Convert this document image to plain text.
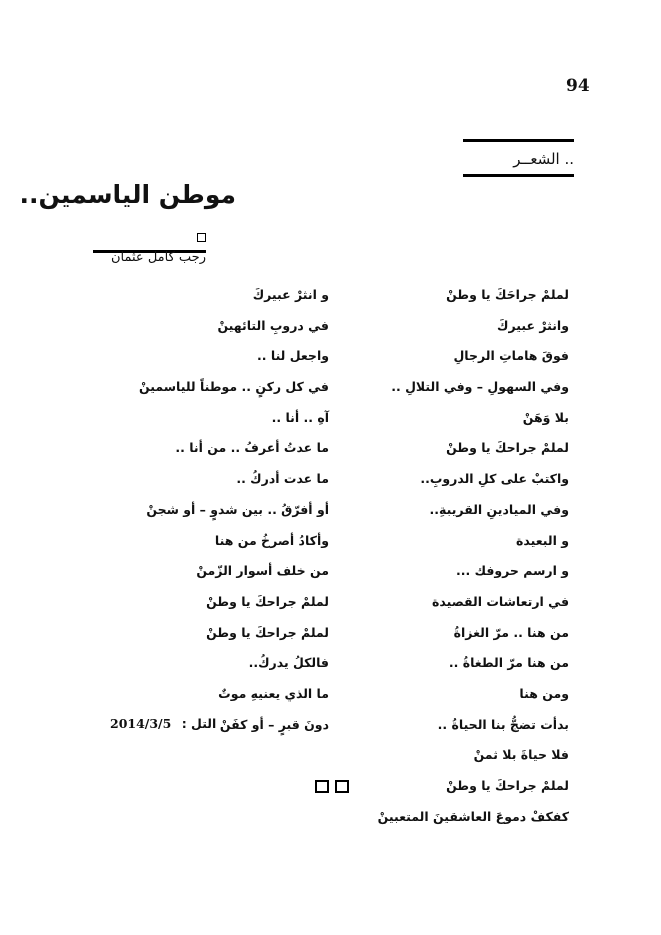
94
الشعــر ..
موطن الياسمين..
رجب كامل عثمان
لملمْ جراحَكَ يا وطنْ
وانثرْ عبيركَ
فوقَ هاماتِ الرجالِ
وفي السهولِ – وفي التلالِ ..
بلا وَهَنْ
لملمْ جراحكَ يا وطنْ
واكتبْ على كلِ الدروبِ..
وفي الميادينِ القريبةِ..
و البعيدة
و ارسم حروفك ...
في ارتعاشات القصيدة
من هنا .. مرّ الغزاةُ
من هنا مرّ الطغاةُ ..
ومن هنا
بدأت تضجُّ بنا الحياةُ ..
فلا حياةَ بلا ثمنْ
لملمْ جراحكَ يا وطنْ
كفكفْ دموعَ العاشقينَ المتعبينْ
و انثرْ عبيركَ
في دروبِ التائهينْ
واجعل لنا ..
في كل ركنٍ .. موطناً للياسمينْ
آهِ .. أنا ..
ما عدتُ أعرفُ .. من أنا ..
ما عدت أدركُ ..
أو أفرّقُ .. بين شدوٍ – أو شجنْ
وأكادُ أصرخُ من هنا
من خلف أسوار الزّمنْ
لملمْ جراحكَ يا وطنْ
لملمْ جراحكَ يا وطنْ
فالكلُ يدركُ..
ما الذي يعنيهِ موتٌ
دونَ قبرٍ – أو كفَنْ
التل : 2014/3/5
